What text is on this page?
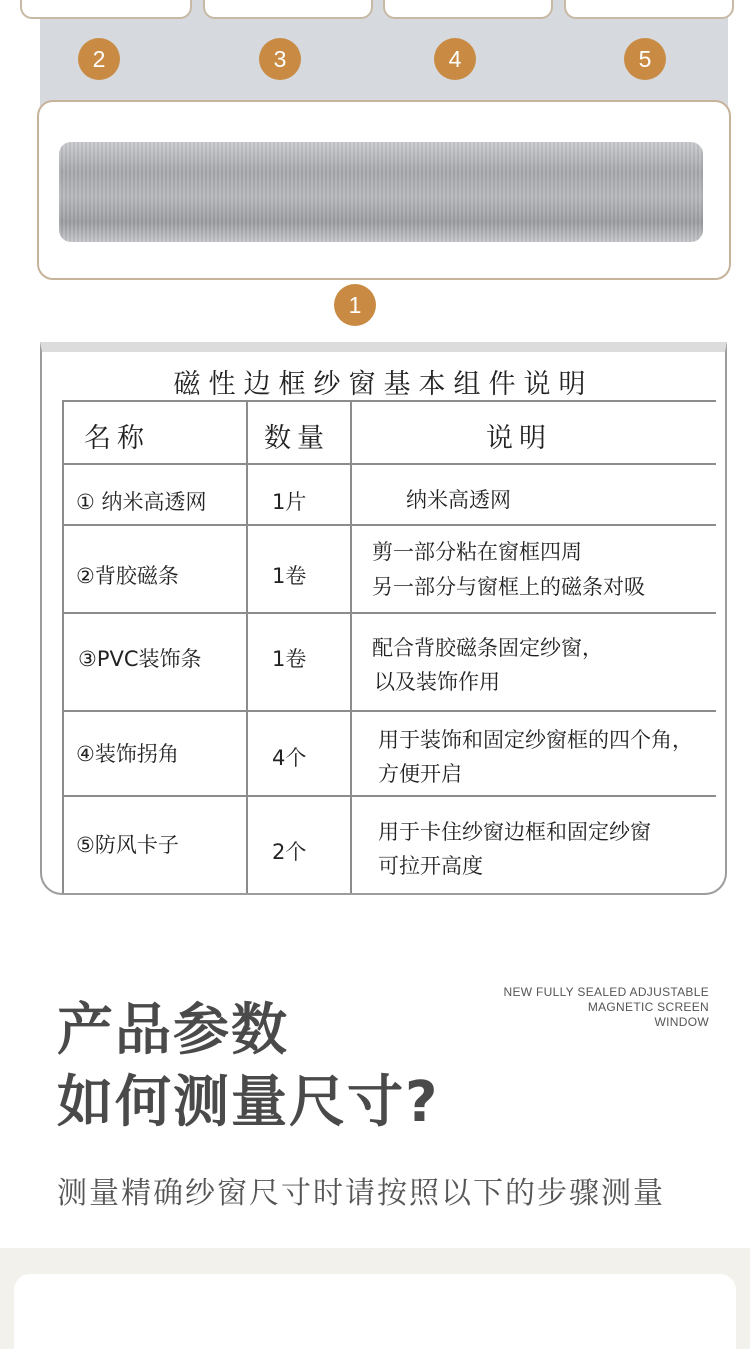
2	3	4	5
1
磁性边框纱窗基本组件说明
名称	数量	说明
① 纳米高透网	1片	纳米高透网
②背胶磁条	1卷
剪一部分粘在窗框四周
另一部分与窗框上的磁条对吸
③PVC装饰条	1卷	配合背胶磁条固定纱窗，
以及装饰作用
④装饰拐角	4个
用于装饰和固定纱窗框的四个角，
方便开启
⑤防风卡子	2个
用于卡住纱窗边框和固定纱窗
可拉开高度
NEW FULLY SEALED ADJUSTABLE
MAGNETIC SCREEN
WINDOW
产品参数
如何测量尺寸?
测量精确纱窗尺寸时请按照以下的步骤测量
